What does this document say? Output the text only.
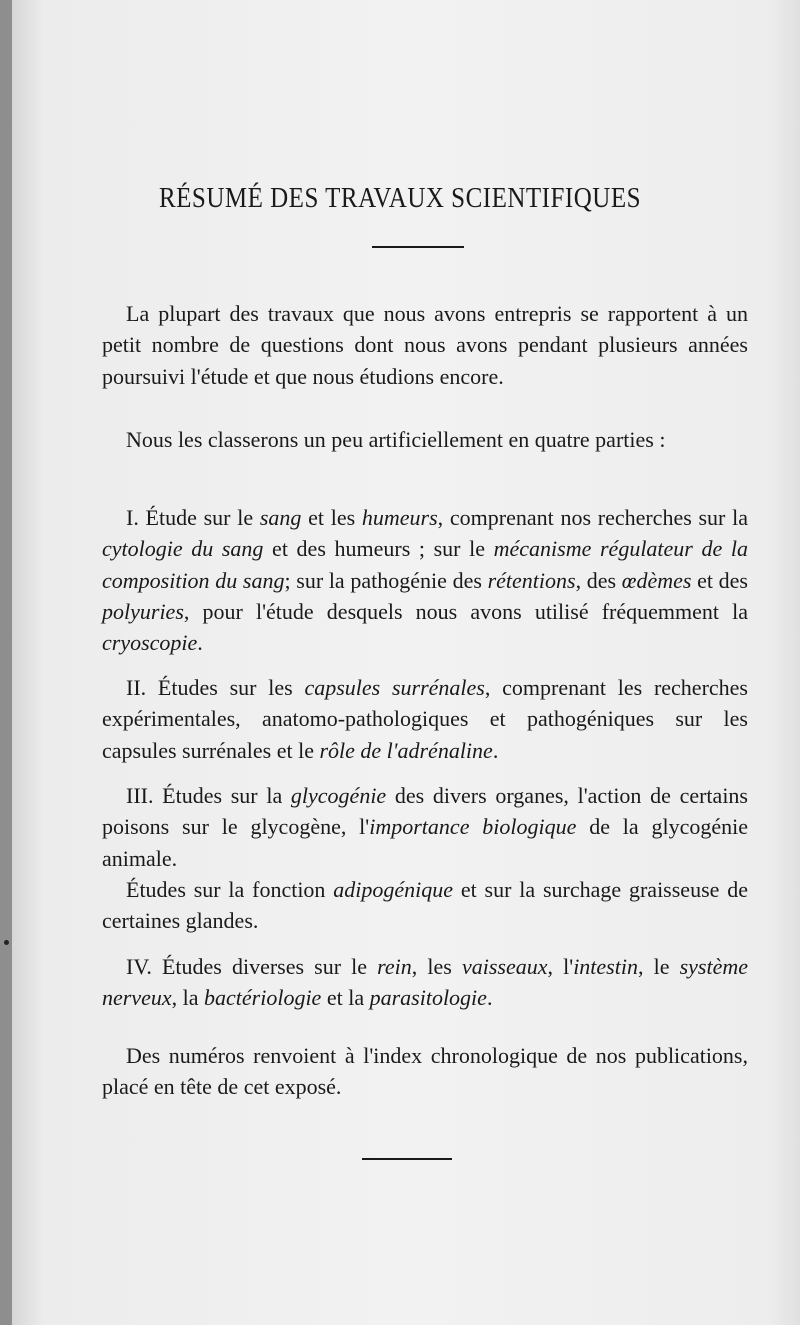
RÉSUMÉ DES TRAVAUX SCIENTIFIQUES

La plupart des travaux que nous avons entrepris se rapportent à un petit nombre de questions dont nous avons pendant plusieurs années poursuivi l'étude et que nous étudions encore.

Nous les classerons un peu artificiellement en quatre parties :

I. Étude sur le sang et les humeurs, comprenant nos recherches sur la cytologie du sang et des humeurs ; sur le mécanisme régulateur de la composition du sang; sur la pathogénie des rétentions, des œdèmes et des polyuries, pour l'étude desquels nous avons utilisé fréquemment la cryoscopie.

II. Études sur les capsules surrénales, comprenant les recherches expérimentales, anatomo-pathologiques et pathogéniques sur les capsules surrénales et le rôle de l'adrénaline.

III. Études sur la glycogénie des divers organes, l'action de certains poisons sur le glycogène, l'importance biologique de la glycogénie animale.

Études sur la fonction adipogénique et sur la surchage graisseuse de certaines glandes.

IV. Études diverses sur le rein, les vaisseaux, l'intestin, le système nerveux, la bactériologie et la parasitologie.

Des numéros renvoient à l'index chronologique de nos publications, placé en tête de cet exposé.
